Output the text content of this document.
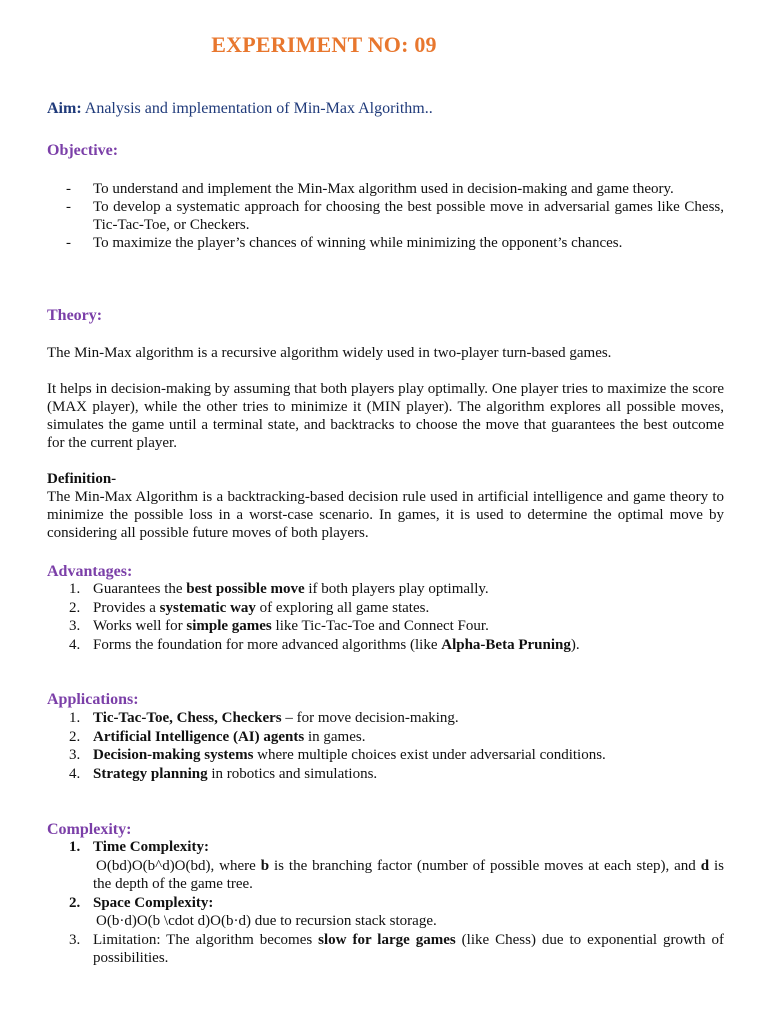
EXPERIMENT NO: 09
Aim: Analysis and implementation of Min-Max Algorithm..
Objective:
- To understand and implement the Min-Max algorithm used in decision-making and game theory.
- To develop a systematic approach for choosing the best possible move in adversarial games like Chess, Tic-Tac-Toe, or Checkers.
- To maximize the player’s chances of winning while minimizing the opponent’s chances.
Theory:
The Min-Max algorithm is a recursive algorithm widely used in two-player turn-based games.
It helps in decision-making by assuming that both players play optimally. One player tries to maximize the score (MAX player), while the other tries to minimize it (MIN player). The algorithm explores all possible moves, simulates the game until a terminal state, and backtracks to choose the move that guarantees the best outcome for the current player.
Definition-
The Min-Max Algorithm is a backtracking-based decision rule used in artificial intelligence and game theory to minimize the possible loss in a worst-case scenario. In games, it is used to determine the optimal move by considering all possible future moves of both players.
Advantages:
1. Guarantees the best possible move if both players play optimally.
2. Provides a systematic way of exploring all game states.
3. Works well for simple games like Tic-Tac-Toe and Connect Four.
4. Forms the foundation for more advanced algorithms (like Alpha-Beta Pruning).
Applications:
1. Tic-Tac-Toe, Chess, Checkers – for move decision-making.
2. Artificial Intelligence (AI) agents in games.
3. Decision-making systems where multiple choices exist under adversarial conditions.
4. Strategy planning in robotics and simulations.
Complexity:
1. Time Complexity:
O(bd)O(b^d)O(bd), where b is the branching factor (number of possible moves at each step), and d is the depth of the game tree.
2. Space Complexity:
O(b·d)O(b \cdot d)O(b·d) due to recursion stack storage.
3. Limitation: The algorithm becomes slow for large games (like Chess) due to exponential growth of possibilities.
